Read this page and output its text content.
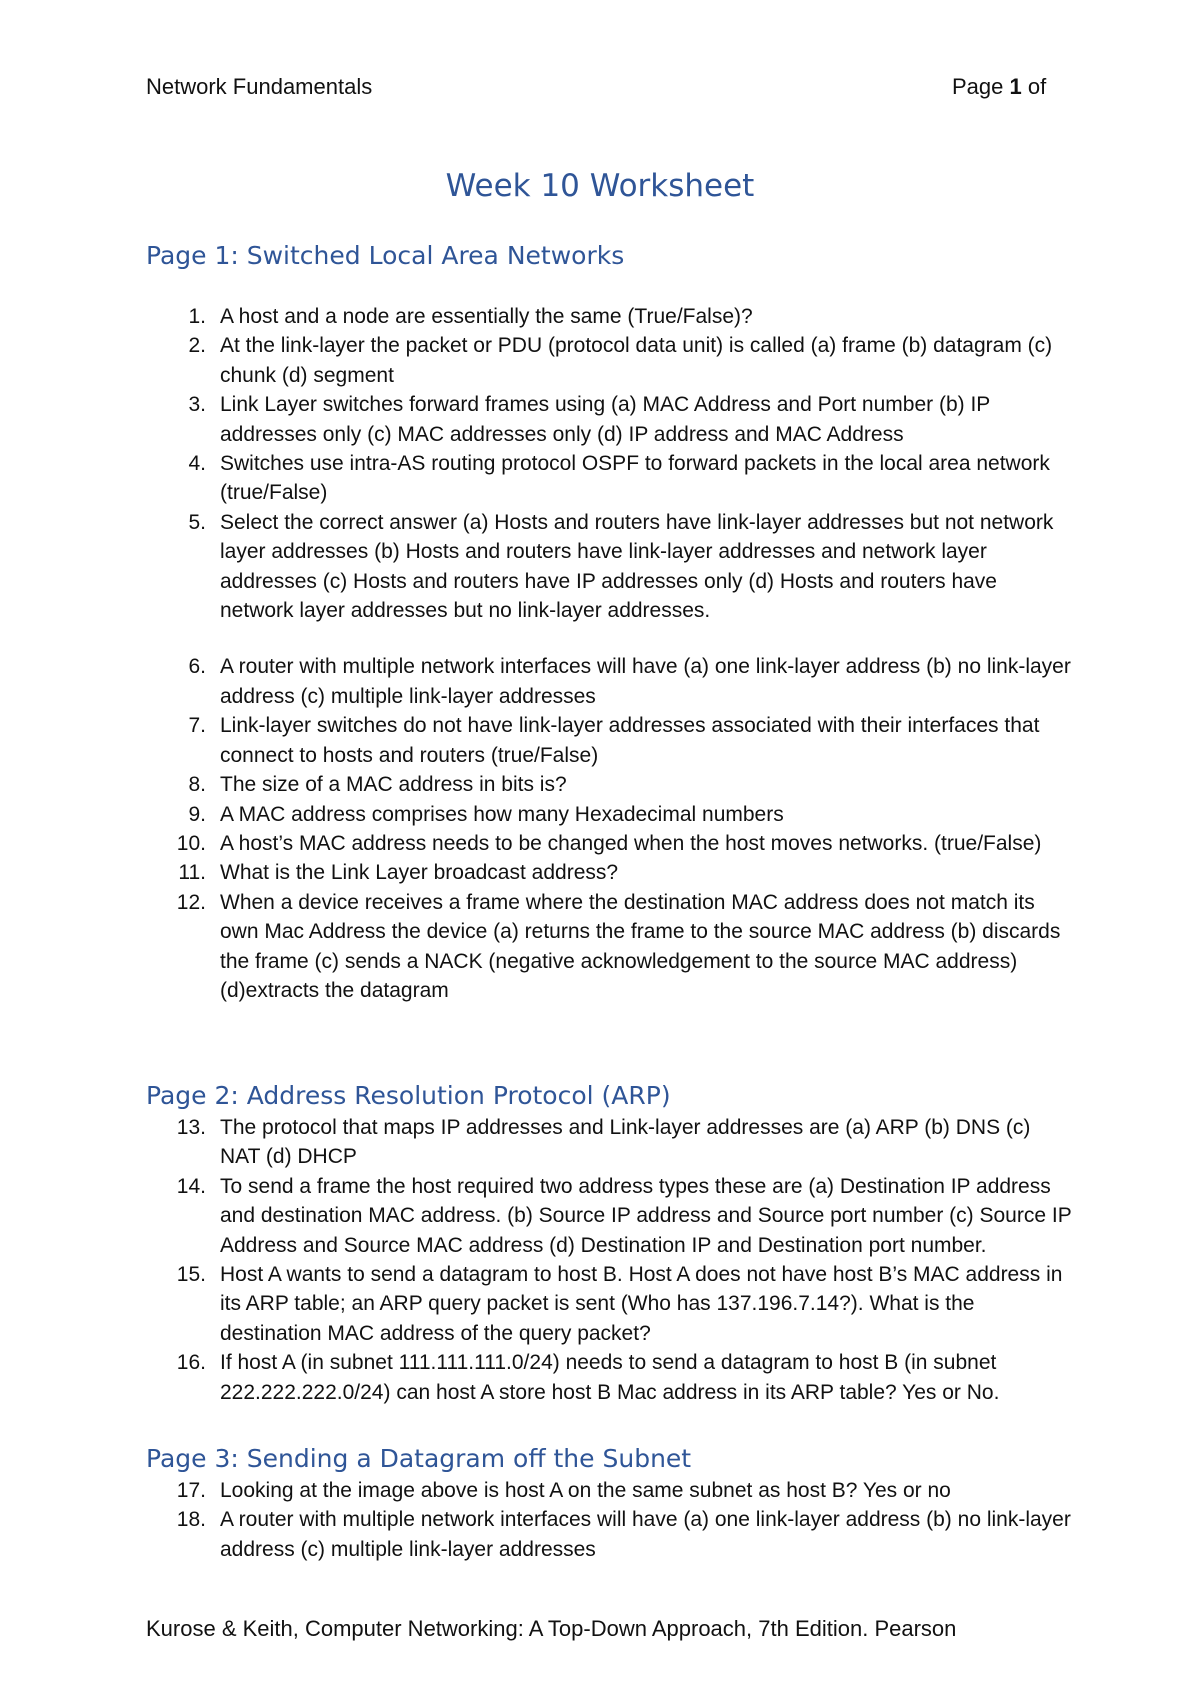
Network Fundamentals	Page 1 of
Week 10 Worksheet
Page 1: Switched Local Area Networks
1. A host and a node are essentially the same (True/False)?
2. At the link-layer the packet or PDU (protocol data unit) is called (a) frame (b) datagram (c) chunk (d) segment
3. Link Layer switches forward frames using (a) MAC Address and Port number (b) IP addresses only (c) MAC addresses only (d) IP address and MAC Address
4. Switches use intra-AS routing protocol OSPF to forward packets in the local area network (true/False)
5. Select the correct answer (a) Hosts and routers have link-layer addresses but not network layer addresses (b) Hosts and routers have link-layer addresses and network layer addresses (c) Hosts and routers have IP addresses only (d) Hosts and routers have network layer addresses but no link-layer addresses.
6. A router with multiple network interfaces will have (a) one link-layer address (b) no link-layer address (c) multiple link-layer addresses
7. Link-layer switches do not have link-layer addresses associated with their interfaces that connect to hosts and routers (true/False)
8. The size of a MAC address in bits is?
9. A MAC address comprises how many Hexadecimal numbers
10. A host’s MAC address needs to be changed when the host moves networks. (true/False)
11. What is the Link Layer broadcast address?
12. When a device receives a frame where the destination MAC address does not match its own Mac Address the device (a) returns the frame to the source MAC address (b) discards the frame (c) sends a NACK (negative acknowledgement to the source MAC address) (d)extracts the datagram
Page 2: Address Resolution Protocol (ARP)
13. The protocol that maps IP addresses and Link-layer addresses are (a) ARP (b) DNS (c) NAT (d) DHCP
14. To send a frame the host required two address types these are (a) Destination IP address and destination MAC address. (b) Source IP address and Source port number (c) Source IP Address and Source MAC address (d) Destination IP and Destination port number.
15. Host A wants to send a datagram to host B. Host A does not have host B’s MAC address in its ARP table; an ARP query packet is sent (Who has 137.196.7.14?). What is the destination MAC address of the query packet?
16. If host A (in subnet 111.111.111.0/24) needs to send a datagram to host B (in subnet 222.222.222.0/24) can host A store host B Mac address in its ARP table? Yes or No.
Page 3: Sending a Datagram off the Subnet
17. Looking at the image above is host A on the same subnet as host B? Yes or no
18. A router with multiple network interfaces will have (a) one link-layer address (b) no link-layer address (c) multiple link-layer addresses
Kurose & Keith, Computer Networking: A Top-Down Approach, 7th Edition. Pearson
